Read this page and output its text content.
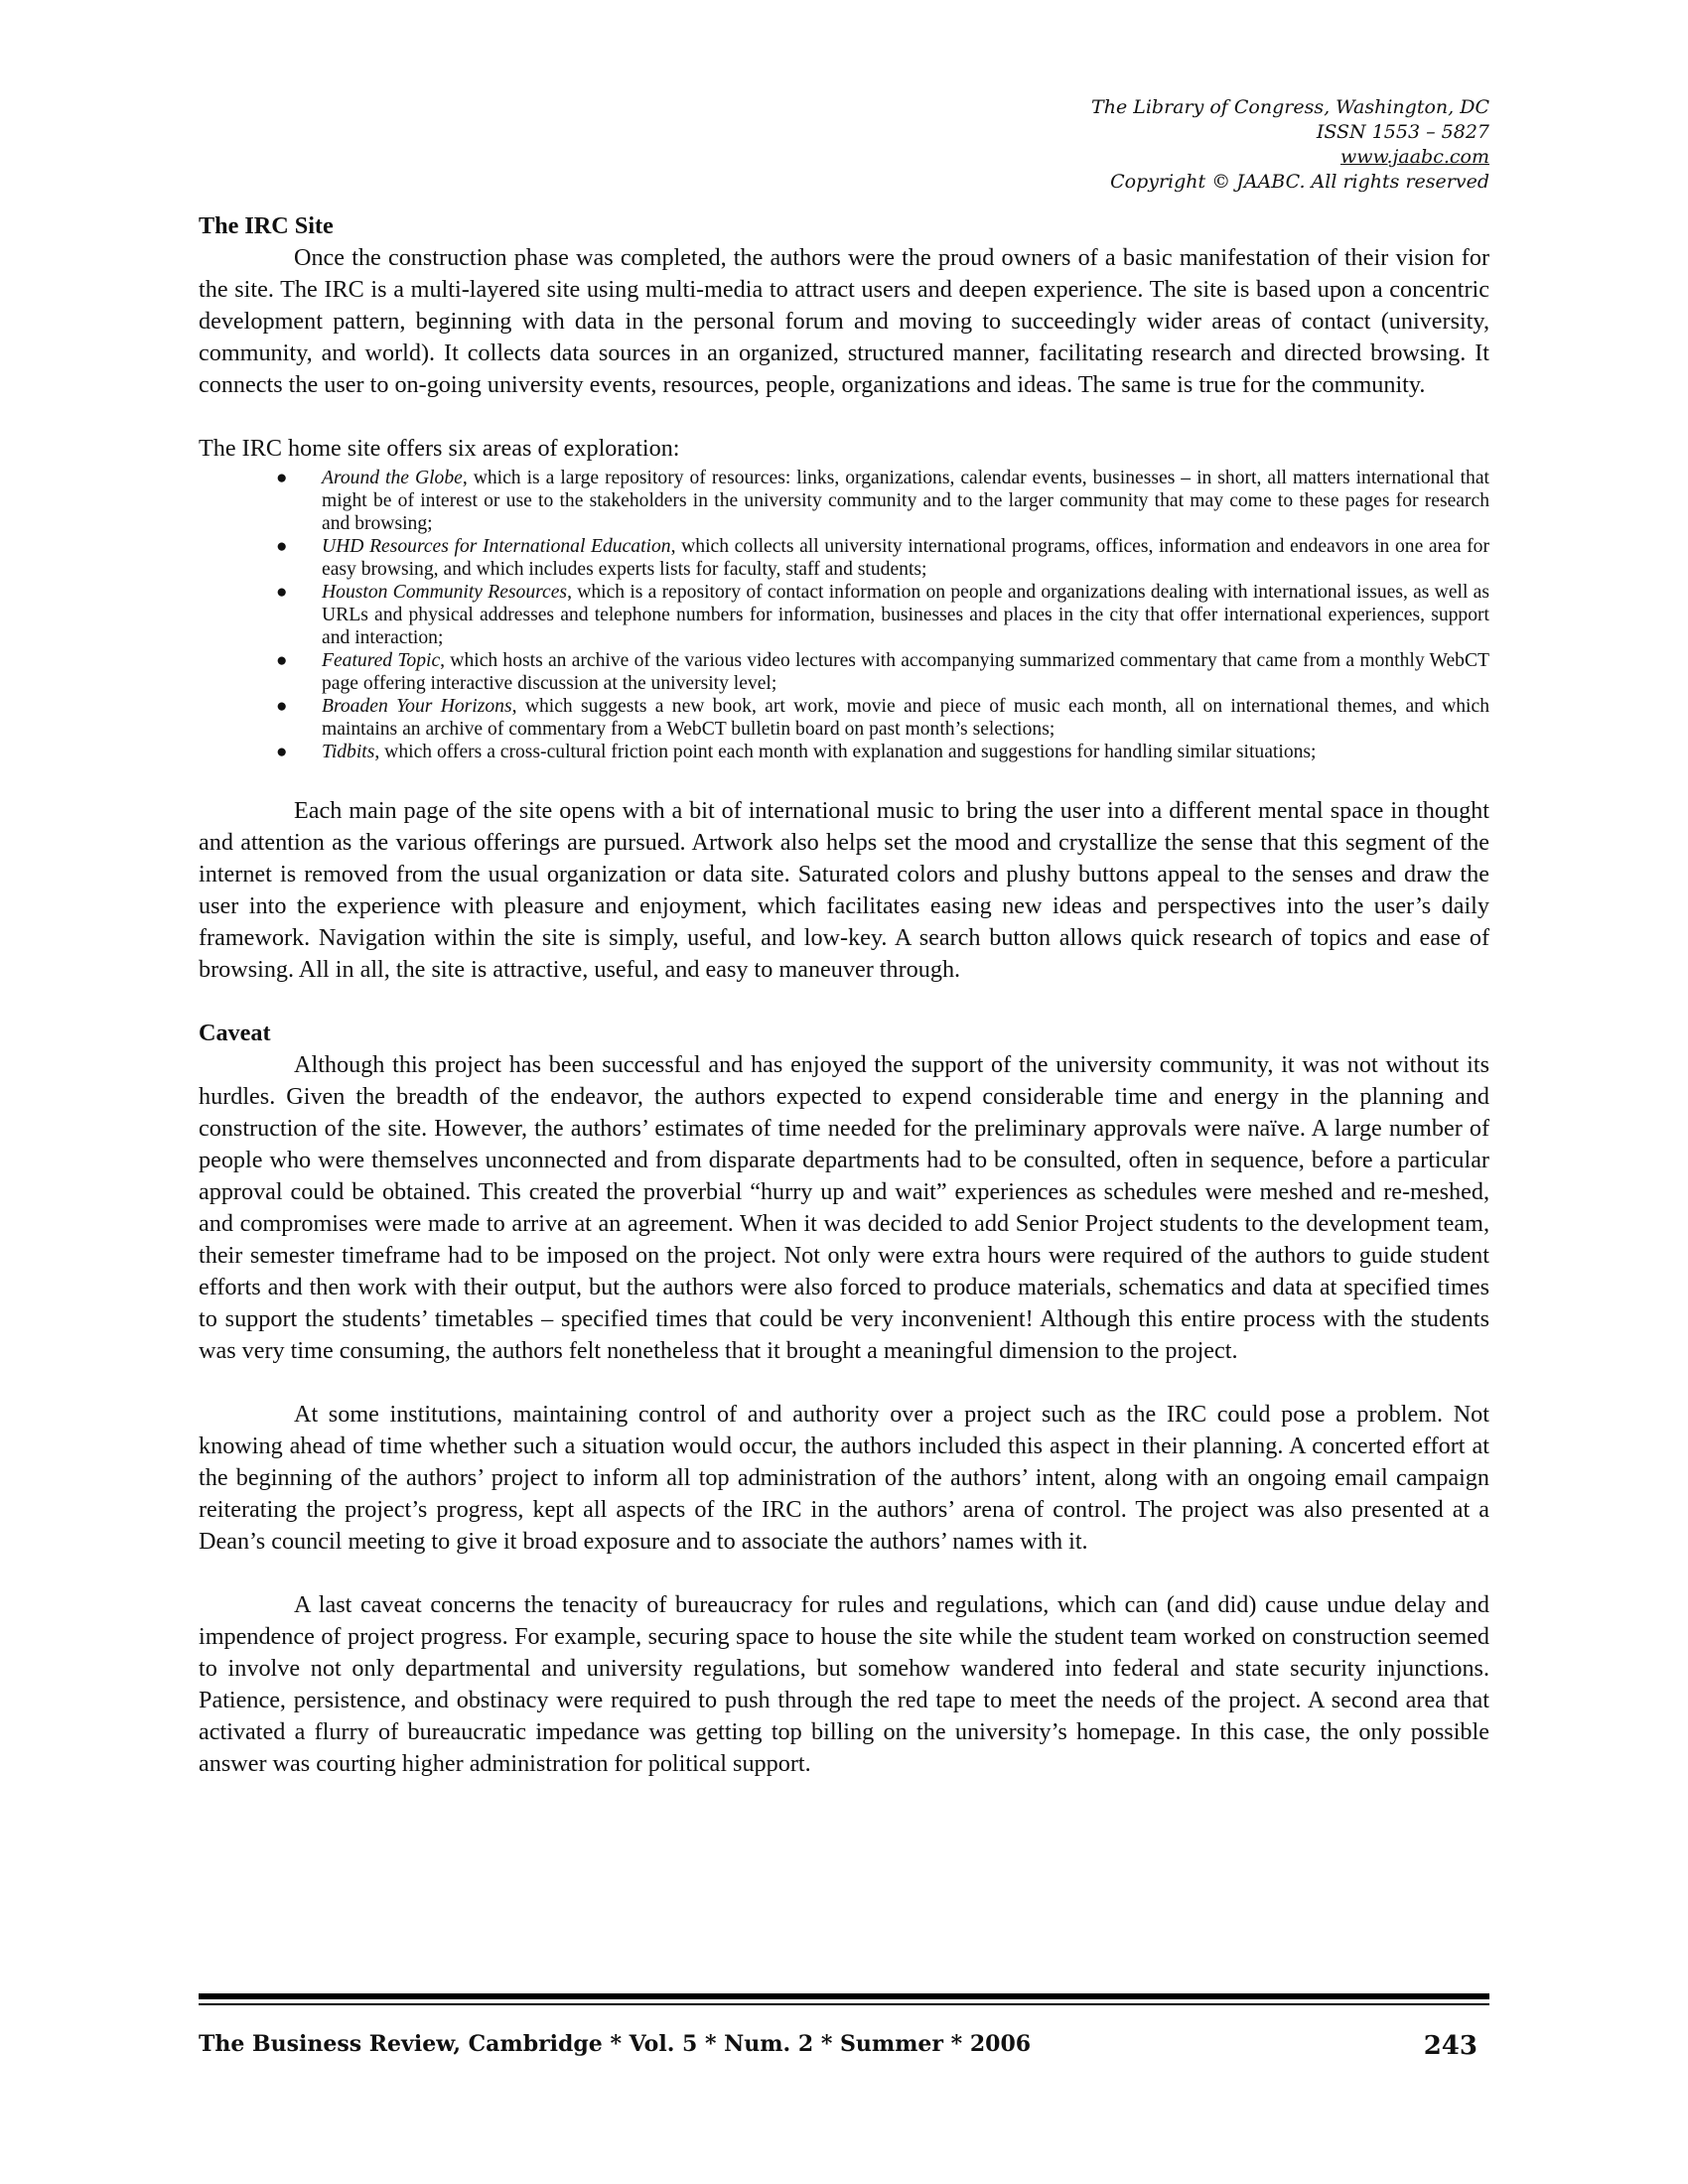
The Library of Congress, Washington, DC
ISSN 1553 – 5827
www.jaabc.com
Copyright © JAABC. All rights reserved

The IRC Site

Once the construction phase was completed, the authors were the proud owners of a basic manifestation of their vision for the site. The IRC is a multi-layered site using multi-media to attract users and deepen experience. The site is based upon a concentric development pattern, beginning with data in the personal forum and moving to succeedingly wider areas of contact (university, community, and world). It collects data sources in an organized, structured manner, facilitating research and directed browsing. It connects the user to on-going university events, resources, people, organizations and ideas. The same is true for the community.

The IRC home site offers six areas of exploration:

● Around the Globe, which is a large repository of resources: links, organizations, calendar events, businesses – in short, all matters international that might be of interest or use to the stakeholders in the university community and to the larger community that may come to these pages for research and browsing;
● UHD Resources for International Education, which collects all university international programs, offices, information and endeavors in one area for easy browsing, and which includes experts lists for faculty, staff and students;
● Houston Community Resources, which is a repository of contact information on people and organizations dealing with international issues, as well as URLs and physical addresses and telephone numbers for information, businesses and places in the city that offer international experiences, support and interaction;
● Featured Topic, which hosts an archive of the various video lectures with accompanying summarized commentary that came from a monthly WebCT page offering interactive discussion at the university level;
● Broaden Your Horizons, which suggests a new book, art work, movie and piece of music each month, all on international themes, and which maintains an archive of commentary from a WebCT bulletin board on past month’s selections;
● Tidbits, which offers a cross-cultural friction point each month with explanation and suggestions for handling similar situations;

Each main page of the site opens with a bit of international music to bring the user into a different mental space in thought and attention as the various offerings are pursued. Artwork also helps set the mood and crystallize the sense that this segment of the internet is removed from the usual organization or data site. Saturated colors and plushy buttons appeal to the senses and draw the user into the experience with pleasure and enjoyment, which facilitates easing new ideas and perspectives into the user’s daily framework. Navigation within the site is simply, useful, and low-key. A search button allows quick research of topics and ease of browsing. All in all, the site is attractive, useful, and easy to maneuver through.

Caveat

Although this project has been successful and has enjoyed the support of the university community, it was not without its hurdles. Given the breadth of the endeavor, the authors expected to expend considerable time and energy in the planning and construction of the site. However, the authors’ estimates of time needed for the preliminary approvals were naïve. A large number of people who were themselves unconnected and from disparate departments had to be consulted, often in sequence, before a particular approval could be obtained. This created the proverbial “hurry up and wait” experiences as schedules were meshed and re-meshed, and compromises were made to arrive at an agreement. When it was decided to add Senior Project students to the development team, their semester timeframe had to be imposed on the project. Not only were extra hours were required of the authors to guide student efforts and then work with their output, but the authors were also forced to produce materials, schematics and data at specified times to support the students’ timetables – specified times that could be very inconvenient! Although this entire process with the students was very time consuming, the authors felt nonetheless that it brought a meaningful dimension to the project.

At some institutions, maintaining control of and authority over a project such as the IRC could pose a problem. Not knowing ahead of time whether such a situation would occur, the authors included this aspect in their planning. A concerted effort at the beginning of the authors’ project to inform all top administration of the authors’ intent, along with an ongoing email campaign reiterating the project’s progress, kept all aspects of the IRC in the authors’ arena of control. The project was also presented at a Dean’s council meeting to give it broad exposure and to associate the authors’ names with it.

A last caveat concerns the tenacity of bureaucracy for rules and regulations, which can (and did) cause undue delay and impendence of project progress. For example, securing space to house the site while the student team worked on construction seemed to involve not only departmental and university regulations, but somehow wandered into federal and state security injunctions. Patience, persistence, and obstinacy were required to push through the red tape to meet the needs of the project. A second area that activated a flurry of bureaucratic impedance was getting top billing on the university’s homepage. In this case, the only possible answer was courting higher administration for political support.

The Business Review, Cambridge * Vol. 5 * Num. 2 * Summer * 2006	243
